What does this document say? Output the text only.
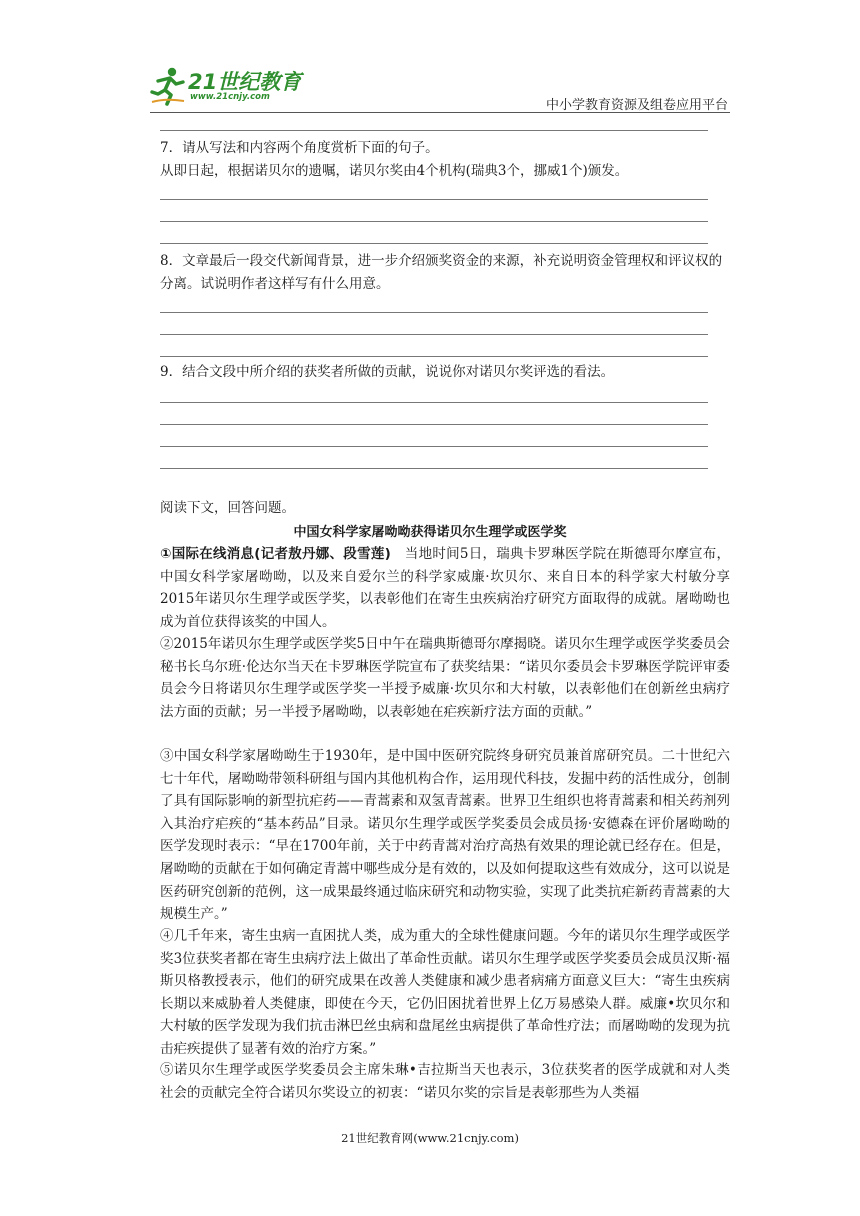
21世纪教育
www.21cnjy.com
中小学教育资源及组卷应用平台
7．请从写法和内容两个角度赏析下面的句子。
从即日起，根据诺贝尔的遗嘱，诺贝尔奖由4个机构(瑞典3个，挪威1个)颁发。
8．文章最后一段交代新闻背景，进一步介绍颁奖资金的来源，补充说明资金管理权和评议权的分离。试说明作者这样写有什么用意。
9．结合文段中所介绍的获奖者所做的贡献，说说你对诺贝尔奖评选的看法。
阅读下文，回答问题。
中国女科学家屠呦呦获得诺贝尔生理学或医学奖
①国际在线消息(记者敖丹娜、段雪莲)　当地时间5日，瑞典卡罗琳医学院在斯德哥尔摩宣布，中国女科学家屠呦呦，以及来自爱尔兰的科学家威廉·坎贝尔、来自日本的科学家大村敏分享2015年诺贝尔生理学或医学奖，以表彰他们在寄生虫疾病治疗研究方面取得的成就。屠呦呦也成为首位获得该奖的中国人。
②2015年诺贝尔生理学或医学奖5日中午在瑞典斯德哥尔摩揭晓。诺贝尔生理学或医学奖委员会秘书长乌尔班·伦达尔当天在卡罗琳医学院宣布了获奖结果：“诺贝尔委员会卡罗琳医学院评审委员会今日将诺贝尔生理学或医学奖一半授予威廉·坎贝尔和大村敏，以表彰他们在创新丝虫病疗法方面的贡献；另一半授予屠呦呦，以表彰她在疟疾新疗法方面的贡献。”
③中国女科学家屠呦呦生于1930年，是中国中医研究院终身研究员兼首席研究员。二十世纪六七十年代，屠呦呦带领科研组与国内其他机构合作，运用现代科技，发掘中药的活性成分，创制了具有国际影响的新型抗疟药——青蒿素和双氢青蒿素。世界卫生组织也将青蒿素和相关药剂列入其治疗疟疾的“基本药品”目录。诺贝尔生理学或医学奖委员会成员扬·安德森在评价屠呦呦的医学发现时表示：“早在1700年前，关于中药青蒿对治疗高热有效果的理论就已经存在。但是，屠呦呦的贡献在于如何确定青蒿中哪些成分是有效的，以及如何提取这些有效成分，这可以说是医药研究创新的范例，这一成果最终通过临床研究和动物实验，实现了此类抗疟新药青蒿素的大规模生产。”
④几千年来，寄生虫病一直困扰人类，成为重大的全球性健康问题。今年的诺贝尔生理学或医学奖3位获奖者都在寄生虫病疗法上做出了革命性贡献。诺贝尔生理学或医学奖委员会成员汉斯·福斯贝格教授表示，他们的研究成果在改善人类健康和减少患者病痛方面意义巨大：“寄生虫疾病长期以来威胁着人类健康，即使在今天，它仍旧困扰着世界上亿万易感染人群。威廉•坎贝尔和大村敏的医学发现为我们抗击淋巴丝虫病和盘尾丝虫病提供了革命性疗法；而屠呦呦的发现为抗击疟疾提供了显著有效的治疗方案。”
⑤诺贝尔生理学或医学奖委员会主席朱琳•吉拉斯当天也表示，3位获奖者的医学成就和对人类社会的贡献完全符合诺贝尔奖设立的初衷：“诺贝尔奖的宗旨是表彰那些为人类福
21世纪教育网(www.21cnjy.com)
